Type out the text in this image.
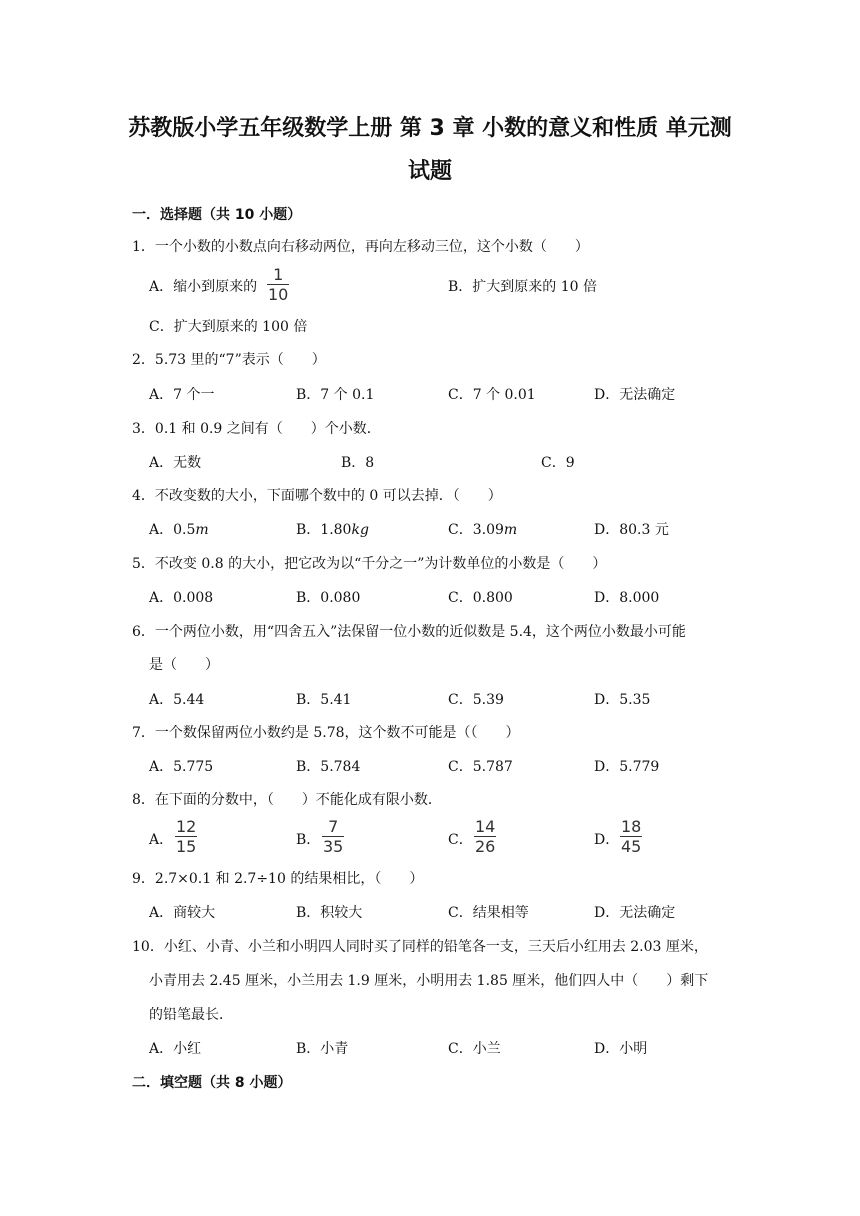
苏教版小学五年级数学上册 第 3 章 小数的意义和性质 单元测
试题
一．选择题（共 10 小题）
1．一个小数的小数点向右移动两位，再向左移动三位，这个小数（　　）
A．缩小到原来的
1
10	B．扩大到原来的 10 倍
C．扩大到原来的 100 倍
2．5.73 里的“7”表示（　　）
A．7 个一	B．7 个 0.1	C．7 个 0.01	D．无法确定
3．0.1 和 0.9 之间有（　　）个小数．
A．无数	B．8	C．9
4．不改变数的大小，下面哪个数中的 0 可以去掉．（　　）
A．0.5m	B．1.80kg	C．3.09m	D．80.3 元
5．不改变 0.8 的大小，把它改为以“千分之一”为计数单位的小数是（　　）
A．0.008	B．0.080	C．0.800	D．8.000
6．一个两位小数，用“四舍五入”法保留一位小数的近似数是 5.4，这个两位小数最小可能
是（　　）
A．5.44	B．5.41	C．5.39	D．5.35
7．一个数保留两位小数约是 5.78，这个数不可能是（（　　）
A．5.775	B．5.784	C．5.787	D．5.779
8．在下面的分数中，（　　）不能化成有限小数．
A．
12
15	B．
7
35	C．
14
26	D．
18
45
9．2.7×0.1 和 2.7÷10 的结果相比，（　　）
A．商较大	B．积较大	C．结果相等	D．无法确定
10．小红、小青、小兰和小明四人同时买了同样的铅笔各一支，三天后小红用去 2.03 厘米，
小青用去 2.45 厘米，小兰用去 1.9 厘米，小明用去 1.85 厘米，他们四人中（　　）剩下
的铅笔最长．
A．小红	B．小青	C．小兰	D．小明
二．填空题（共 8 小题）
